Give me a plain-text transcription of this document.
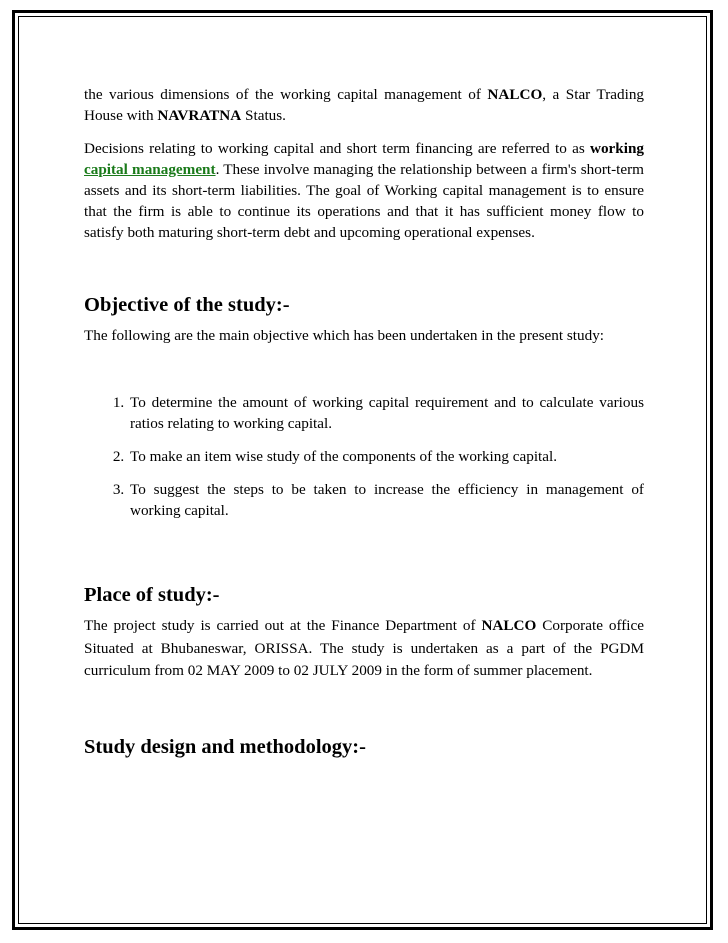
the various dimensions of the working capital management of NALCO, a Star Trading House with NAVRATNA Status.

Decisions relating to working capital and short term financing are referred to as working capital management. These involve managing the relationship between a firm's short-term assets and its short-term liabilities. The goal of Working capital management is to ensure that the firm is able to continue its operations and that it has sufficient money flow to satisfy both maturing short-term debt and upcoming operational expenses.

Objective of the study:-

The following are the main objective which has been undertaken in the present study:

1. To determine the amount of working capital requirement and to calculate various ratios relating to working capital.
2. To make an item wise study of the components of the working capital.
3. To suggest the steps to be taken to increase the efficiency in management of working capital.
Place of study:-

The project study is carried out at the Finance Department of NALCO Corporate office Situated at Bhubaneswar, ORISSA. The study is undertaken as a part of the PGDM curriculum from 02 MAY 2009 to 02 JULY 2009 in the form of summer placement.

Study design and methodology:-
